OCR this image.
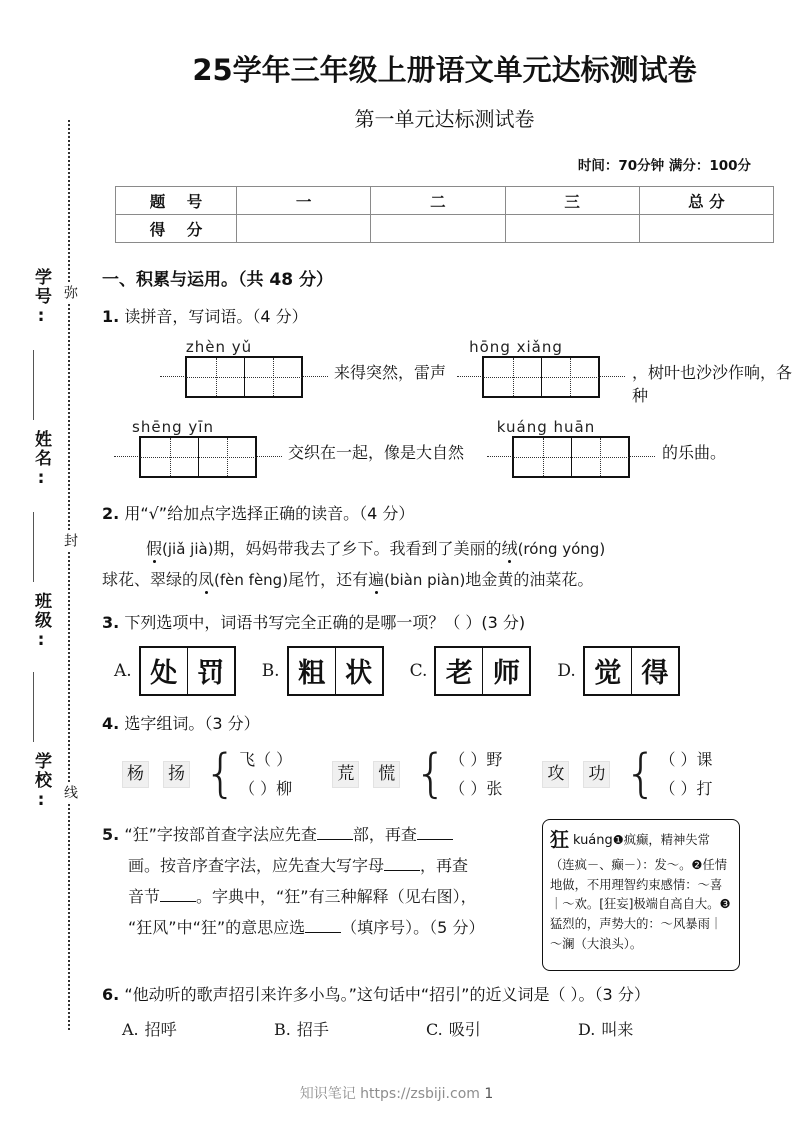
学号:
姓名:
班级:
学校:
弥
封
线
25学年三年级上册语文单元达标测试卷
第一单元达标测试卷
时间：70分钟 满分：100分
题 号	一	二	三	总 分
得 分				
一、积累与运用。（共 48 分）
1. 读拼音，写词语。（4 分）
zhèn yǔ
来得突然，雷声
hōng xiǎng
，树叶也沙沙作响，各种
shēng yīn
交织在一起，像是大自然
kuáng huān
的乐曲。
2. 用“√”给加点字选择正确的读音。（4 分）
假(jiǎ jià)期，妈妈带我去了乡下。我看到了美丽的绒(róng yóng)
球花、翠绿的凤(fèn fèng)尾竹，还有遍(biàn piàn)地金黄的油菜花。
3. 下列选项中，词语书写完全正确的是哪一项？（ ）(3 分)
A. 处 罚	B. 粗 状	C. 老 师	D. 觉 得
4. 选字组词。（3 分）
杨 扬 { 飞（ ）
（ ）柳
荒 慌 { （ ）野
（ ）张
攻 功 { （ ）课
（ ）打
5. “狂”字按部首查字法应先查 部，再查
画。按音序查字法，应先查大写字母 ，再查
音节 。字典中，“狂”有三种解释（见右图），
“狂风”中“狂”的意思应选 （填序号）。（5 分）
狂 kuáng❶疯癫，精神失常（连疯－、癫－）：发～。❷任情地做，不用理智约束感情：～喜｜～欢。[狂妄]极端自高自大。❸猛烈的，声势大的：～风暴雨｜～澜（大浪头）。
6. “他动听的歌声招引来许多小鸟。”这句话中“招引”的近义词是（ ）。（3 分）
A. 招呼	B. 招手	C. 吸引	D. 叫来
知识笔记 https://zsbiji.com 1
